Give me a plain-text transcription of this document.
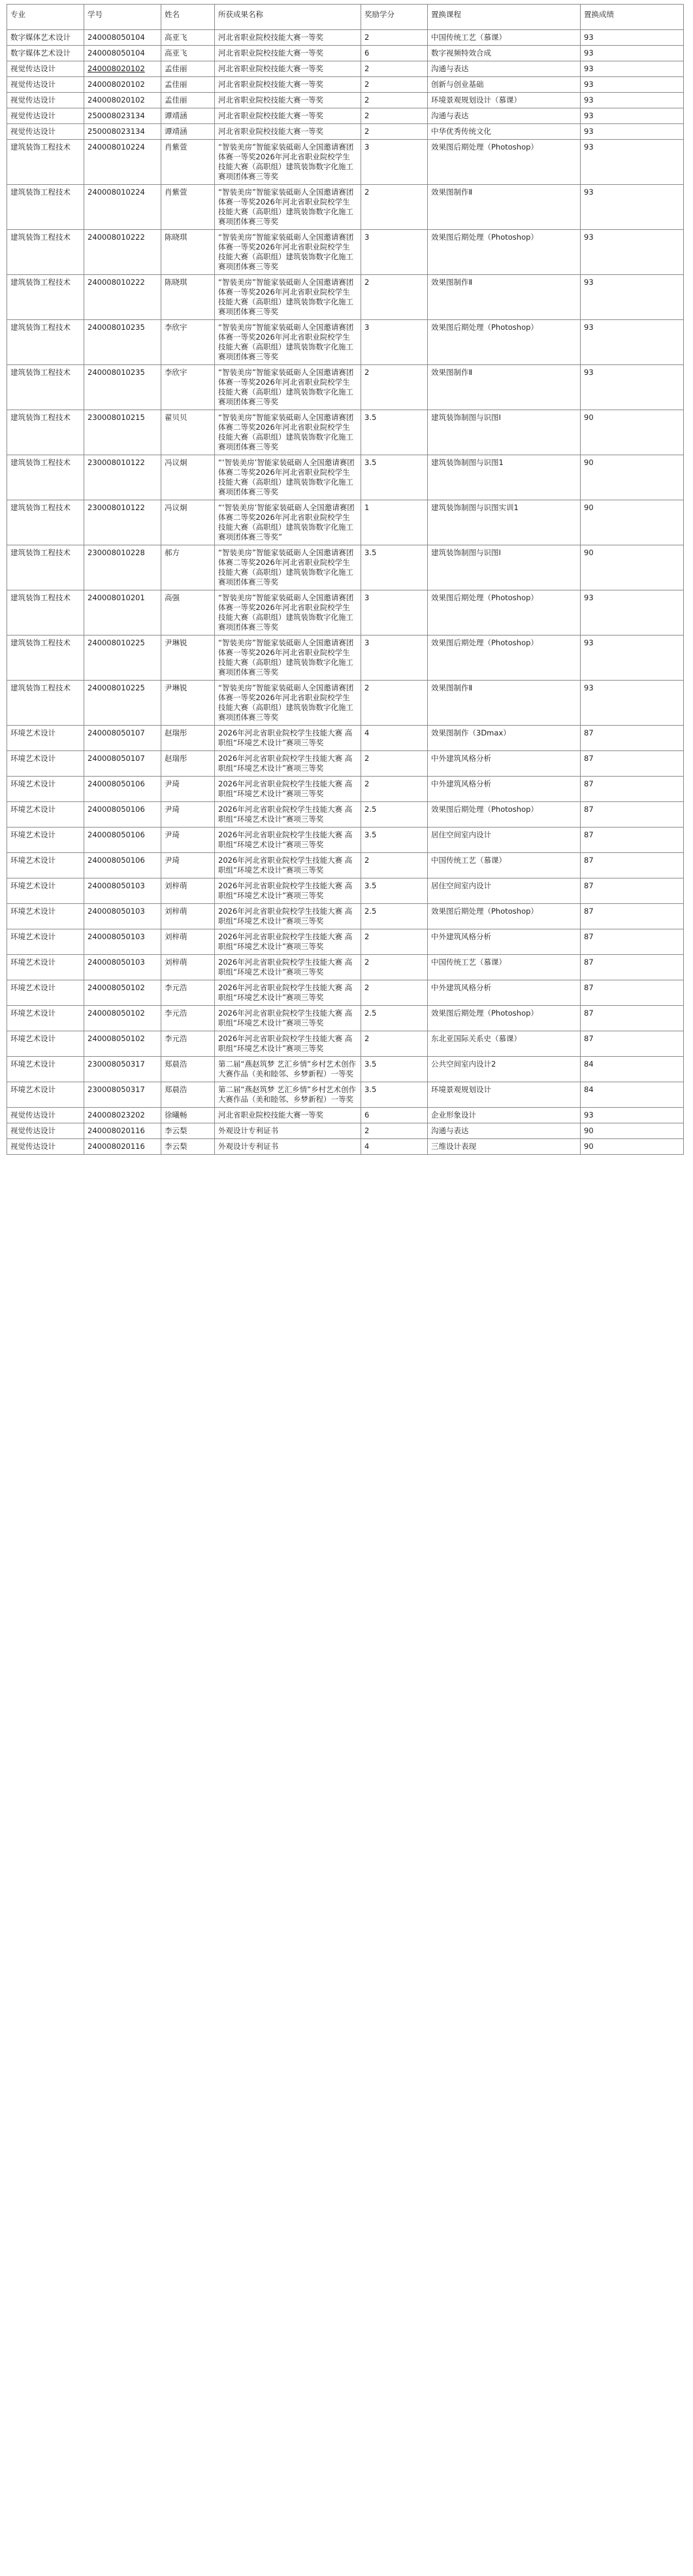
专业	学号	姓名	所获成果名称	奖励学分	置换课程	置换成绩
数字媒体艺术设计	240008050104	高亚飞	河北省职业院校技能大赛一等奖	2	中国传统工艺（慕课）	93
数字媒体艺术设计	240008050104	高亚飞	河北省职业院校技能大赛一等奖	6	数字视频特效合成	93
视觉传达设计	240008020102	孟佳丽	河北省职业院校技能大赛一等奖	2	沟通与表达	93
视觉传达设计	240008020102	孟佳丽	河北省职业院校技能大赛一等奖	2	创新与创业基础	93
视觉传达设计	240008020102	孟佳丽	河北省职业院校技能大赛一等奖	2	环境景观规划设计（慕课）	93
视觉传达设计	250008023134	谭靖涵	河北省职业院校技能大赛一等奖	2	沟通与表达	93
视觉传达设计	250008023134	谭靖涵	河北省职业院校技能大赛一等奖	2	中华优秀传统文化	93
建筑装饰工程技术	240008010224	肖紫萱	“智装美房”智能家装砥砺人全国邀请赛团体赛一等奖2026年河北省职业院校学生技能大赛（高职组）建筑装饰数字化施工赛项团体赛三等奖	3	效果图后期处理（Photoshop）	93
建筑装饰工程技术	240008010224	肖紫萱	“智装美房”智能家装砥砺人全国邀请赛团体赛一等奖2026年河北省职业院校学生技能大赛（高职组）建筑装饰数字化施工赛项团体赛三等奖	2	效果图制作Ⅱ	93
建筑装饰工程技术	240008010222	陈晓琪	“智装美房”智能家装砥砺人全国邀请赛团体赛一等奖2026年河北省职业院校学生技能大赛（高职组）建筑装饰数字化施工赛项团体赛三等奖	3	效果图后期处理（Photoshop）	93
建筑装饰工程技术	240008010222	陈晓琪	“智装美房”智能家装砥砺人全国邀请赛团体赛一等奖2026年河北省职业院校学生技能大赛（高职组）建筑装饰数字化施工赛项团体赛三等奖	2	效果图制作Ⅱ	93
建筑装饰工程技术	240008010235	李欣宇	“智装美房”智能家装砥砺人全国邀请赛团体赛一等奖2026年河北省职业院校学生技能大赛（高职组）建筑装饰数字化施工赛项团体赛三等奖	3	效果图后期处理（Photoshop）	93
建筑装饰工程技术	240008010235	李欣宇	“智装美房”智能家装砥砺人全国邀请赛团体赛一等奖2026年河北省职业院校学生技能大赛（高职组）建筑装饰数字化施工赛项团体赛三等奖	2	效果图制作Ⅱ	93
建筑装饰工程技术	230008010215	翟贝贝	“智装美房”智能家装砥砺人全国邀请赛团体赛二等奖2026年河北省职业院校学生技能大赛（高职组）建筑装饰数字化施工赛项团体赛三等奖	3.5	建筑装饰制图与识图Ⅰ	90
建筑装饰工程技术	230008010122	冯议炯	“‘智装美房’智能家装砥砺人全国邀请赛团体赛二等奖2026年河北省职业院校学生技能大赛（高职组）建筑装饰数字化施工赛项团体赛三等奖	3.5	建筑装饰制图与识图1	90
建筑装饰工程技术	230008010122	冯议炯	“‘智装美房’智能家装砥砺人全国邀请赛团体赛二等奖2026年河北省职业院校学生技能大赛（高职组）建筑装饰数字化施工赛项团体赛三等奖”	1	建筑装饰制图与识图实训1	90
建筑装饰工程技术	230008010228	郝方	“智装美房”智能家装砥砺人全国邀请赛团体赛二等奖2026年河北省职业院校学生技能大赛（高职组）建筑装饰数字化施工赛项团体赛三等奖	3.5	建筑装饰制图与识图Ⅰ	90
建筑装饰工程技术	240008010201	高强	“智装美房”智能家装砥砺人全国邀请赛团体赛一等奖2026年河北省职业院校学生技能大赛（高职组）建筑装饰数字化施工赛项团体赛三等奖	3	效果图后期处理（Photoshop）	93
建筑装饰工程技术	240008010225	尹琳锐	“智装美房”智能家装砥砺人全国邀请赛团体赛一等奖2026年河北省职业院校学生技能大赛（高职组）建筑装饰数字化施工赛项团体赛三等奖	3	效果图后期处理（Photoshop）	93
建筑装饰工程技术	240008010225	尹琳锐	“智装美房”智能家装砥砺人全国邀请赛团体赛一等奖2026年河北省职业院校学生技能大赛（高职组）建筑装饰数字化施工赛项团体赛三等奖	2	效果图制作Ⅱ	93
环境艺术设计	240008050107	赵瑞彤	2026年河北省职业院校学生技能大赛 高职组“环境艺术设计”赛项三等奖	4	效果图制作（3Dmax）	87
环境艺术设计	240008050107	赵瑞彤	2026年河北省职业院校学生技能大赛 高职组“环境艺术设计”赛项三等奖	2	中外建筑风格分析	87
环境艺术设计	240008050106	尹琦	2026年河北省职业院校学生技能大赛 高职组“环境艺术设计”赛项三等奖	2	中外建筑风格分析	87
环境艺术设计	240008050106	尹琦	2026年河北省职业院校学生技能大赛 高职组“环境艺术设计”赛项三等奖	2.5	效果图后期处理（Photoshop）	87
环境艺术设计	240008050106	尹琦	2026年河北省职业院校学生技能大赛 高职组“环境艺术设计”赛项三等奖	3.5	居住空间室内设计	87
环境艺术设计	240008050106	尹琦	2026年河北省职业院校学生技能大赛 高职组“环境艺术设计”赛项三等奖	2	中国传统工艺（慕课）	87
环境艺术设计	240008050103	刘梓萌	2026年河北省职业院校学生技能大赛 高职组“环境艺术设计”赛项三等奖	3.5	居住空间室内设计	87
环境艺术设计	240008050103	刘梓萌	2026年河北省职业院校学生技能大赛 高职组“环境艺术设计”赛项三等奖	2.5	效果图后期处理（Photoshop）	87
环境艺术设计	240008050103	刘梓萌	2026年河北省职业院校学生技能大赛 高职组“环境艺术设计”赛项三等奖	2	中外建筑风格分析	87
环境艺术设计	240008050103	刘梓萌	2026年河北省职业院校学生技能大赛 高职组“环境艺术设计”赛项三等奖	2	中国传统工艺（慕课）	87
环境艺术设计	240008050102	李元浩	2026年河北省职业院校学生技能大赛 高职组“环境艺术设计”赛项三等奖	2	中外建筑风格分析	87
环境艺术设计	240008050102	李元浩	2026年河北省职业院校学生技能大赛 高职组“环境艺术设计”赛项三等奖	2.5	效果图后期处理（Photoshop）	87
环境艺术设计	240008050102	李元浩	2026年河北省职业院校学生技能大赛 高职组“环境艺术设计”赛项三等奖	2	东北亚国际关系史（慕课）	87
环境艺术设计	230008050317	郑晨浩	第二届“燕赵筑梦 艺汇乡情”乡村艺术创作大赛作品（美和睦邻、乡梦新程）一等奖	3.5	公共空间室内设计2	84
环境艺术设计	230008050317	郑晨浩	第二届“燕赵筑梦 艺汇乡情”乡村艺术创作大赛作品（美和睦邻、乡梦新程）一等奖	3.5	环境景观规划设计	84
视觉传达设计	240008023202	徐曦畅	河北省职业院校技能大赛一等奖	6	企业形象设计	93
视觉传达设计	240008020116	李云梨	外观设计专利证书	2	沟通与表达	90
视觉传达设计	240008020116	李云梨	外观设计专利证书	4	三维设计表现	90
